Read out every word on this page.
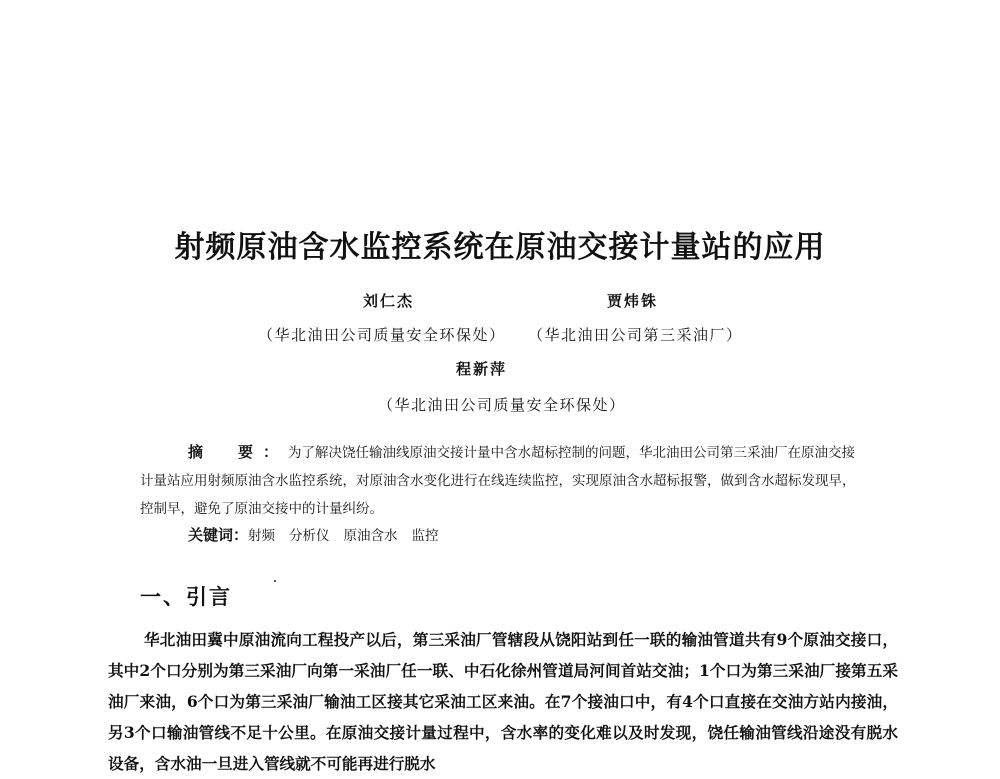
射频原油含水监控系统在原油交接计量站的应用
刘仁杰	贾炜铢
（华北油田公司质量安全环保处） （华北油田公司第三采油厂）
程新萍
（华北油田公司质量安全环保处）
摘　要：为了解决饶任输油线原油交接计量中含水超标控制的问题，华北油田公司第三采油厂在原油交接计量站应用射频原油含水监控系统，对原油含水变化进行在线连续监控，实现原油含水超标报警，做到含水超标发现早，控制早，避免了原油交接中的计量纠纷。
关键词：射频 分析仪 原油含水 监控
一、引言
华北油田冀中原油流向工程投产以后，第三采油厂管辖段从饶阳站到任一联的输油管道共有9个原油交接口，其中2个口分别为第三采油厂向第一采油厂任一联、中石化徐州管道局河间首站交油；1个口为第三采油厂接第五采油厂来油，6个口为第三采油厂输油工区接其它采油工区来油。在7个接油口中，有4个口直接在交油方站内接油，另3个口输油管线不足十公里。在原油交接计量过程中，含水率的变化难以及时发现，饶任输油管线沿途没有脱水设备，含水油一旦进入管线就不可能再进行脱水
